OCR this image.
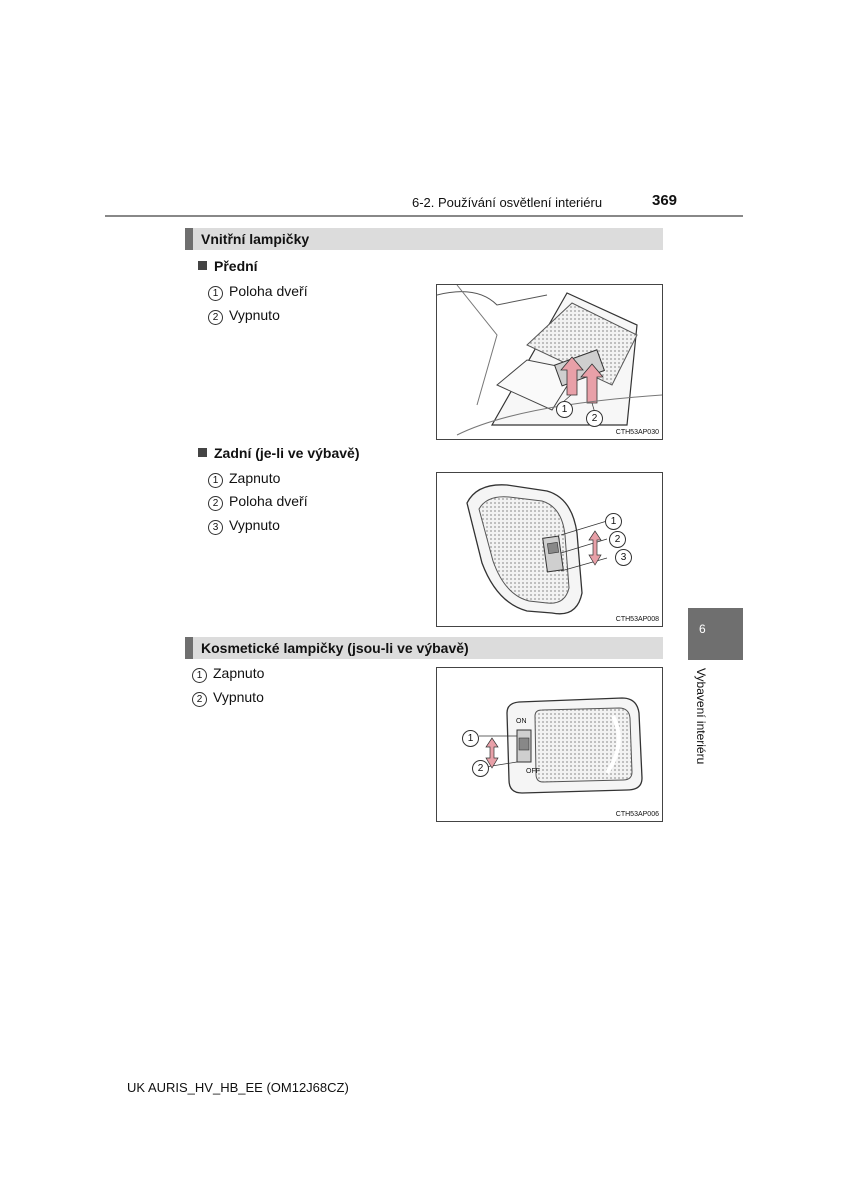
6-2. Používání osvětlení interiéru	369
Vnitřní lampičky
Přední
1 Poloha dveří
2 Vypnuto
1
2
CTH53AP030
Zadní (je-li ve výbavě)
1 Zapnuto
2 Poloha dveří
3 Vypnuto	1
2
3
CTH53AP008
Kosmetické lampičky (jsou-li ve výbavě)
1 Zapnuto
2 Vypnuto
ON
OFF
1
2
CTH53AP006
6
Vybavení interiéru
UK AURIS_HV_HB_EE (OM12J68CZ)
